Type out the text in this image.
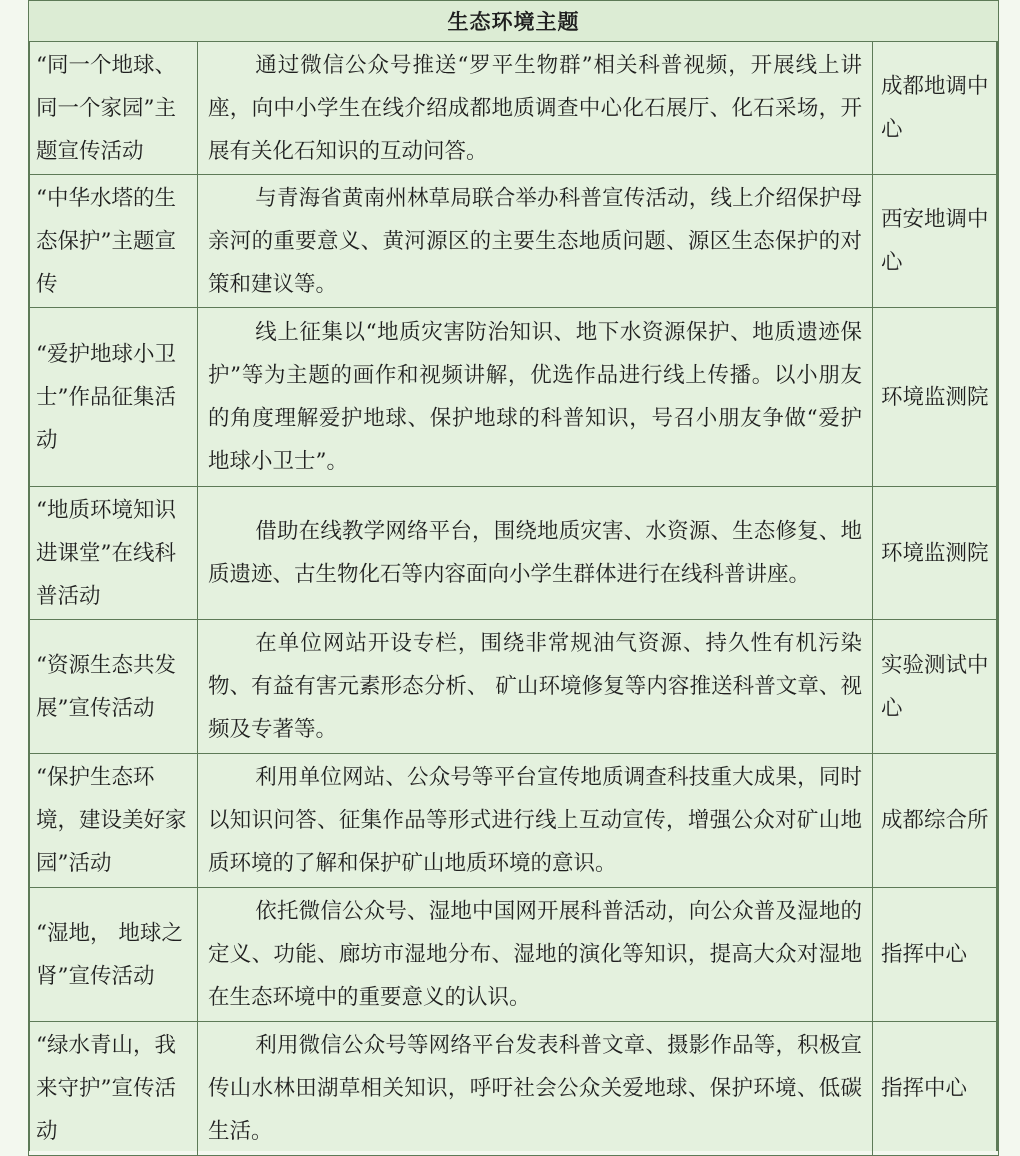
生态环境主题		
“同一个地球、同一个家园”主题宣传活动	通过微信公众号推送“罗平生物群”相关科普视频，开展线上讲座，向中小学生在线介绍成都地质调查中心化石展厅、化石采场，开展有关化石知识的互动问答。	成都地调中心
“中华水塔的生态保护”主题宣传	与青海省黄南州林草局联合举办科普宣传活动，线上介绍保护母亲河的重要意义、黄河源区的主要生态地质问题、源区生态保护的对策和建议等。	西安地调中心
“爱护地球小卫士”作品征集活动	线上征集以“地质灾害防治知识、地下水资源保护、地质遗迹保护”等为主题的画作和视频讲解，优选作品进行线上传播。以小朋友的角度理解爱护地球、保护地球的科普知识，号召小朋友争做“爱护地球小卫士”。	环境监测院
“地质环境知识进课堂”在线科普活动	借助在线教学网络平台，围绕地质灾害、水资源、生态修复、地质遗迹、古生物化石等内容面向小学生群体进行在线科普讲座。	环境监测院
“资源生态共发展”宣传活动	在单位网站开设专栏，围绕非常规油气资源、持久性有机污染物、有益有害元素形态分析、 矿山环境修复等内容推送科普文章、视频及专著等。	实验测试中心
“保护生态环境，建设美好家园”活动	利用单位网站、公众号等平台宣传地质调查科技重大成果，同时以知识问答、征集作品等形式进行线上互动宣传，增强公众对矿山地质环境的了解和保护矿山地质环境的意识。	成都综合所
“湿地， 地球之肾”宣传活动	依托微信公众号、湿地中国网开展科普活动，向公众普及湿地的定义、功能、廊坊市湿地分布、湿地的演化等知识，提高大众对湿地在生态环境中的重要意义的认识。	指挥中心
“绿水青山，我来守护”宣传活动	利用微信公众号等网络平台发表科普文章、摄影作品等，积极宣传山水林田湖草相关知识，呼吁社会公众关爱地球、保护环境、低碳生活。	指挥中心
